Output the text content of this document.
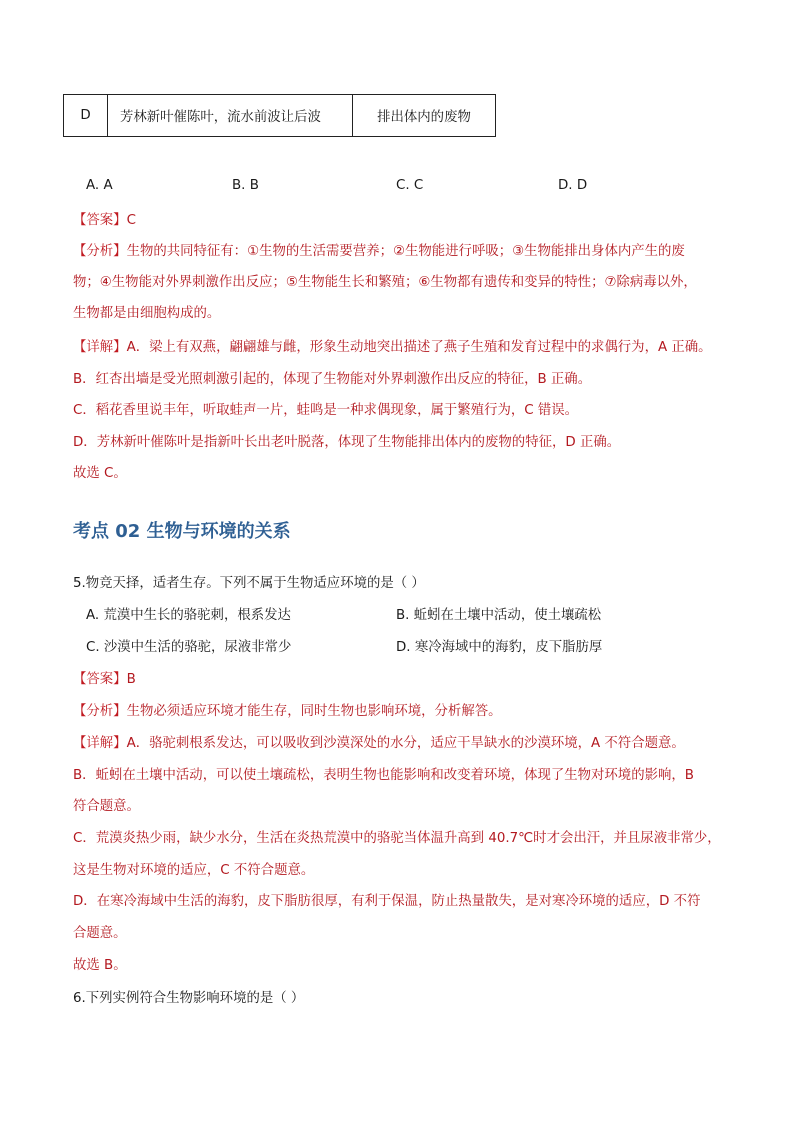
D	芳林新叶催陈叶，流水前波让后波	排出体内的废物
A. A	B. B	C. C	D. D
【答案】C
【分析】生物的共同特征有：①生物的生活需要营养；②生物能进行呼吸；③生物能排出身体内产生的废
物；④生物能对外界刺激作出反应；⑤生物能生长和繁殖；⑥生物都有遗传和变异的特性；⑦除病毒以外，
生物都是由细胞构成的。
【详解】A．梁上有双燕，翩翩雄与雌，形象生动地突出描述了燕子生殖和发育过程中的求偶行为，A 正确。
B．红杏出墙是受光照刺激引起的，体现了生物能对外界刺激作出反应的特征，B 正确。
C．稻花香里说丰年，听取蛙声一片，蛙鸣是一种求偶现象，属于繁殖行为，C 错误。
D．芳林新叶催陈叶是指新叶长出老叶脱落，体现了生物能排出体内的废物的特征，D 正确。
故选 C。
考点 02 生物与环境的关系
5.物竞天择，适者生存。下列不属于生物适应环境的是（ ）
A. 荒漠中生长的骆驼刺，根系发达	B. 蚯蚓在土壤中活动，使土壤疏松
C. 沙漠中生活的骆驼，尿液非常少	D. 寒冷海域中的海豹，皮下脂肪厚
【答案】B
【分析】生物必须适应环境才能生存，同时生物也影响环境，分析解答。
【详解】A．骆驼刺根系发达，可以吸收到沙漠深处的水分，适应干旱缺水的沙漠环境，A 不符合题意。
B．蚯蚓在土壤中活动，可以使土壤疏松，表明生物也能影响和改变着环境，体现了生物对环境的影响，B
符合题意。
C．荒漠炎热少雨，缺少水分，生活在炎热荒漠中的骆驼当体温升高到 40.7℃时才会出汗，并且尿液非常少，
这是生物对环境的适应，C 不符合题意。
D．在寒冷海域中生活的海豹，皮下脂肪很厚，有利于保温，防止热量散失，是对寒冷环境的适应，D 不符
合题意。
故选 B。
6.下列实例符合生物影响环境的是（ ）
